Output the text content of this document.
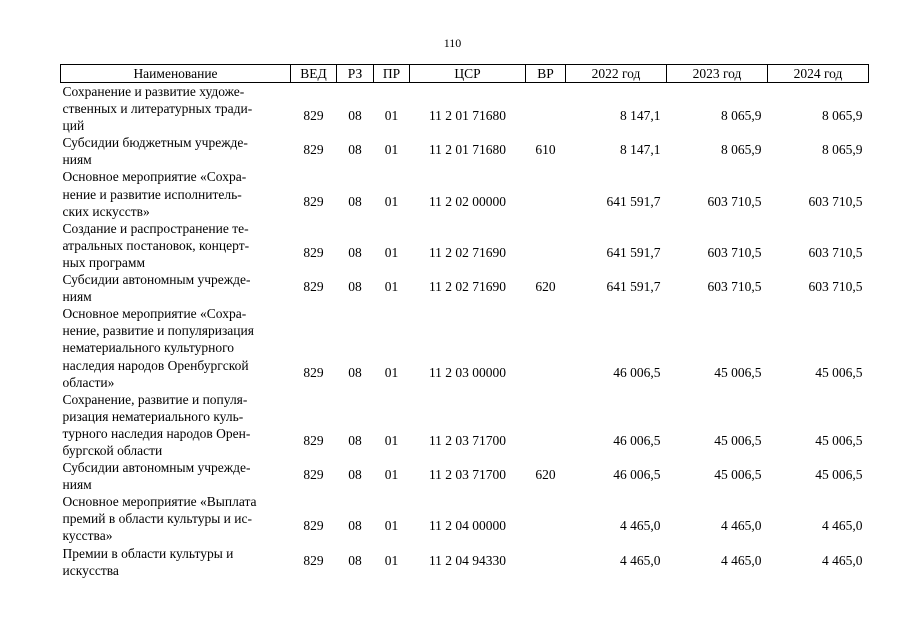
110
Наименование	ВЕД	РЗ	ПР	ЦСР	ВР	2022 год	2023 год	2024 год

Сохранение и развитие художе-
ственных и литературных тради-
ций	829	08	01	11 2 01 71680		8 147,1	8 065,9	8 065,9

Субсидии бюджетным учрежде-
ниям	829	08	01	11 2 01 71680	610	8 147,1	8 065,9	8 065,9

Основное мероприятие «Сохра-
нение и развитие исполнитель-
ских искусств»	829	08	01	11 2 02 00000		641 591,7	603 710,5	603 710,5

Создание и распространение те-
атральных постановок, концерт-
ных программ	829	08	01	11 2 02 71690		641 591,7	603 710,5	603 710,5

Субсидии автономным учрежде-
ниям	829	08	01	11 2 02 71690	620	641 591,7	603 710,5	603 710,5

Основное мероприятие «Сохра-
нение, развитие и популяризация
нематериального культурного
наследия народов Оренбургской
области»	829	08	01	11 2 03 00000		46 006,5	45 006,5	45 006,5

Сохранение, развитие и популя-
ризация нематериального куль-
турного наследия народов Орен-
бургской области	829	08	01	11 2 03 71700		46 006,5	45 006,5	45 006,5

Субсидии автономным учрежде-
ниям	829	08	01	11 2 03 71700	620	46 006,5	45 006,5	45 006,5

Основное мероприятие «Выплата
премий в области культуры и ис-
кусства»	829	08	01	11 2 04 00000		4 465,0	4 465,0	4 465,0

Премии в области культуры и
искусства	829	08	01	11 2 04 94330		4 465,0	4 465,0	4 465,0
